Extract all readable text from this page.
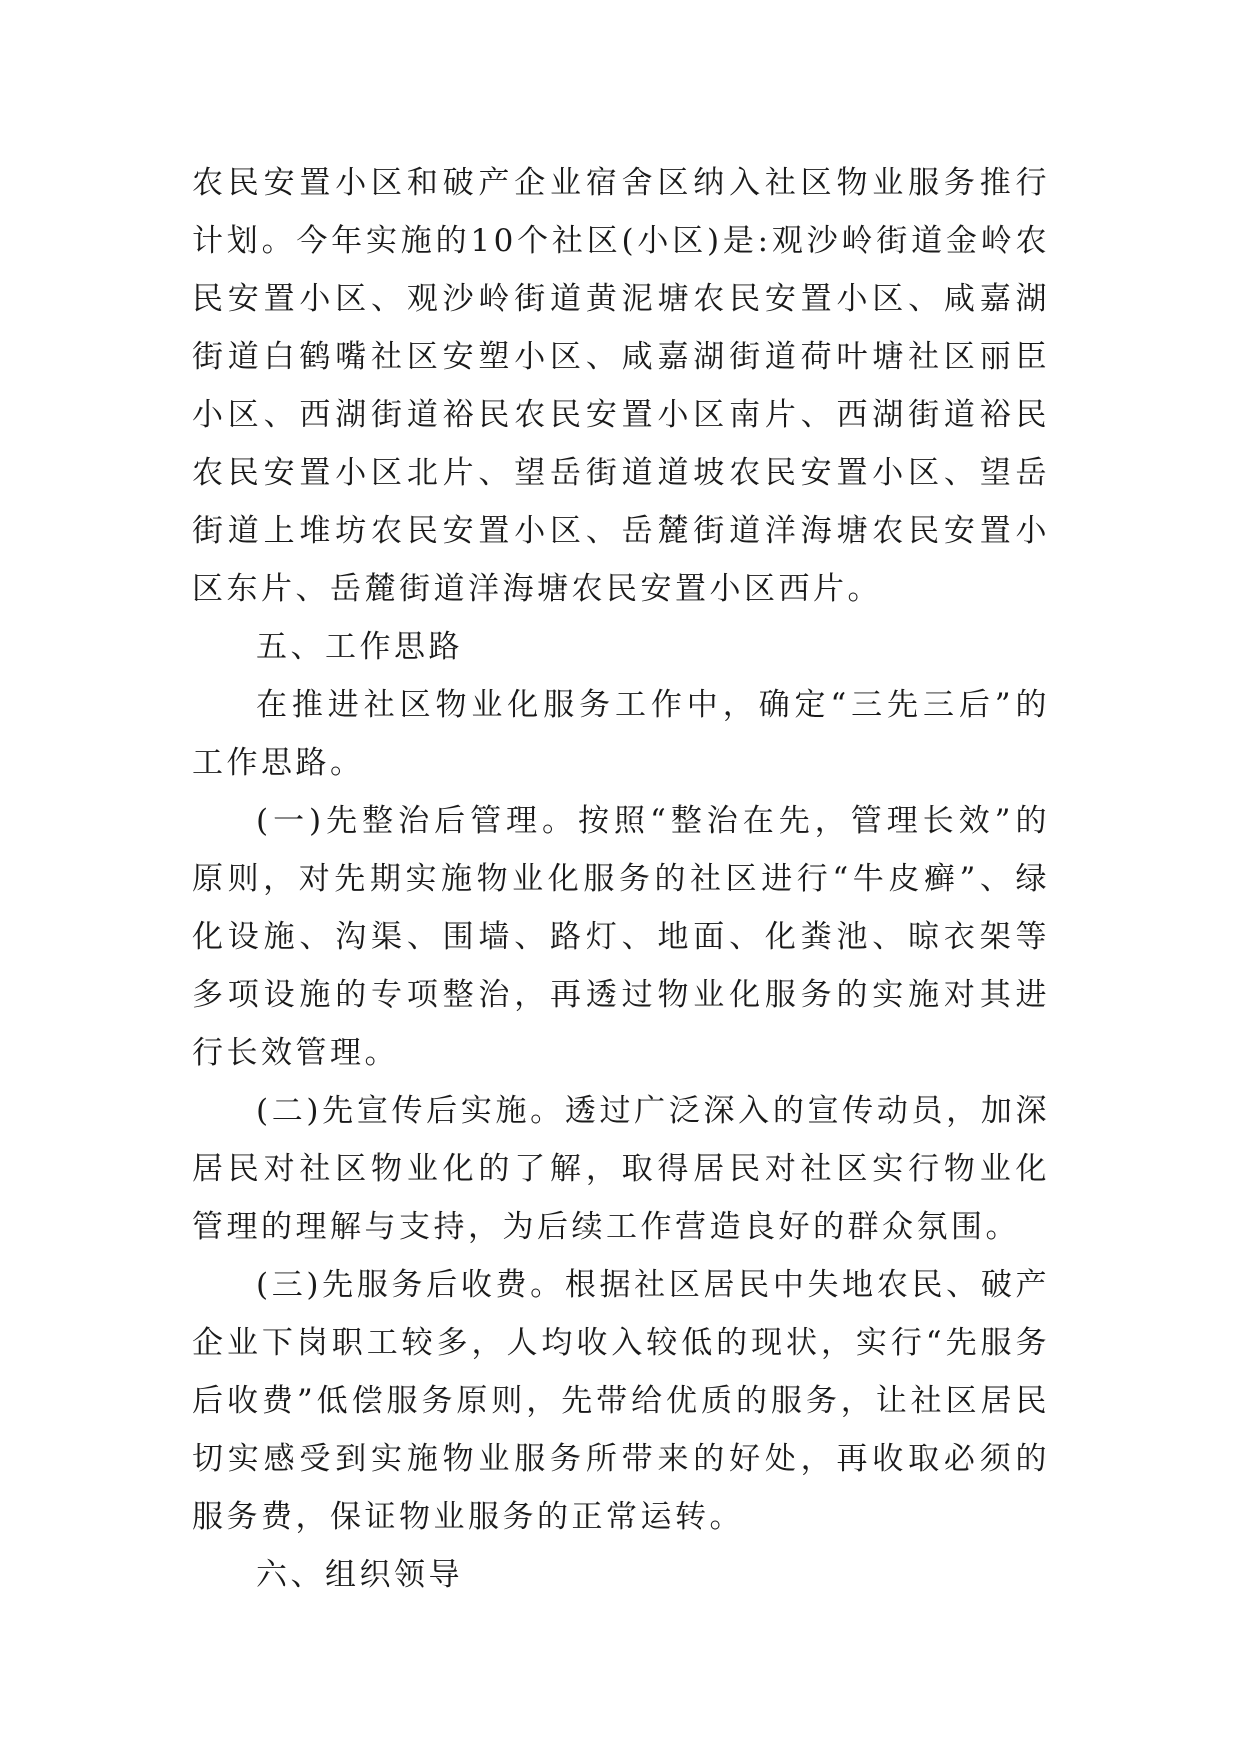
农民安置小区和破产企业宿舍区纳入社区物业服务推行计划。今年实施的10个社区(小区)是:观沙岭街道金岭农民安置小区、观沙岭街道黄泥塘农民安置小区、咸嘉湖街道白鹤嘴社区安塑小区、咸嘉湖街道荷叶塘社区丽臣小区、西湖街道裕民农民安置小区南片、西湖街道裕民农民安置小区北片、望岳街道道坡农民安置小区、望岳街道上堆坊农民安置小区、岳麓街道洋海塘农民安置小区东片、岳麓街道洋海塘农民安置小区西片。

五、工作思路

在推进社区物业化服务工作中，确定“三先三后”的工作思路。

(一)先整治后管理。按照“整治在先，管理长效”的原则，对先期实施物业化服务的社区进行“牛皮癣”、绿化设施、沟渠、围墙、路灯、地面、化粪池、晾衣架等多项设施的专项整治，再透过物业化服务的实施对其进行长效管理。

(二)先宣传后实施。透过广泛深入的宣传动员，加深居民对社区物业化的了解，取得居民对社区实行物业化管理的理解与支持，为后续工作营造良好的群众氛围。

(三)先服务后收费。根据社区居民中失地农民、破产企业下岗职工较多，人均收入较低的现状，实行“先服务后收费”低偿服务原则，先带给优质的服务，让社区居民切实感受到实施物业服务所带来的好处，再收取必须的服务费，保证物业服务的正常运转。

六、组织领导
